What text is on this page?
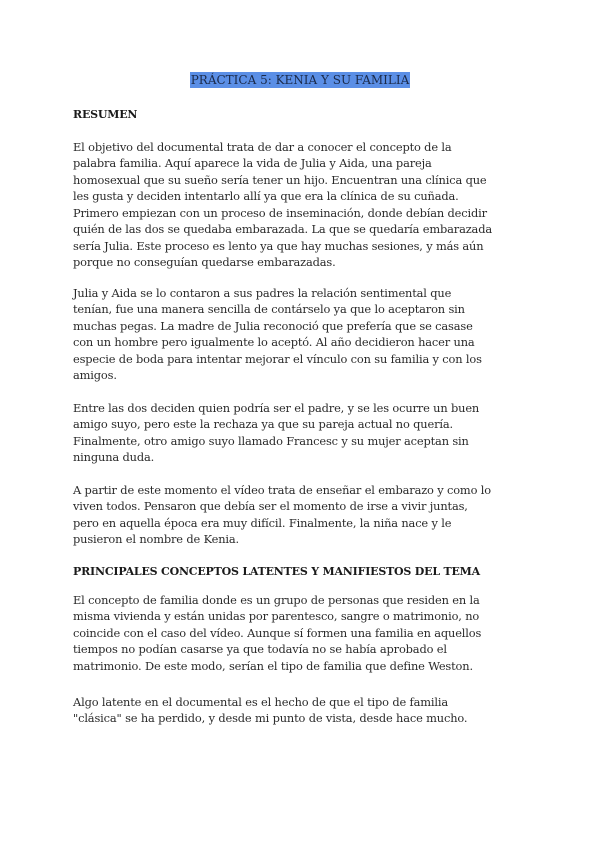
PRÁCTICA 5: KENIA Y SU FAMILIA
RESUMEN
El objetivo del documental trata de dar a conocer el concepto de la
palabra familia. Aquí aparece la vida de Julia y Aida, una pareja
homosexual que su sueño sería tener un hijo. Encuentran una clínica que
les gusta y deciden intentarlo allí ya que era la clínica de su cuñada.
Primero empiezan con un proceso de inseminación, donde debían decidir
quién de las dos se quedaba embarazada. La que se quedaría embarazada
sería Julia. Este proceso es lento ya que hay muchas sesiones, y más aún
porque no conseguían quedarse embarazadas.
Julia y Aida se lo contaron a sus padres la relación sentimental que
tenían, fue una manera sencilla de contárselo ya que lo aceptaron sin
muchas pegas. La madre de Julia reconoció que prefería que se casase
con un hombre pero igualmente lo aceptó. Al año decidieron hacer una
especie de boda para intentar mejorar el vínculo con su familia y con los
amigos.
Entre las dos deciden quien podría ser el padre, y se les ocurre un buen
amigo suyo, pero este la rechaza ya que su pareja actual no quería.
Finalmente, otro amigo suyo llamado Francesc y su mujer aceptan sin
ninguna duda.
A partir de este momento el vídeo trata de enseñar el embarazo y como lo
viven todos. Pensaron que debía ser el momento de irse a vivir juntas,
pero en aquella época era muy difícil. Finalmente, la niña nace y le
pusieron el nombre de Kenia.
PRINCIPALES CONCEPTOS LATENTES Y MANIFIESTOS DEL TEMA
El concepto de familia donde es un grupo de personas que residen en la
misma vivienda y están unidas por parentesco, sangre o matrimonio, no
coincide con el caso del vídeo. Aunque sí formen una familia en aquellos
tiempos no podían casarse ya que todavía no se había aprobado el
matrimonio. De este modo, serían el tipo de familia que define Weston.
Algo latente en el documental es el hecho de que el tipo de familia
"clásica" se ha perdido, y desde mi punto de vista, desde hace mucho.
